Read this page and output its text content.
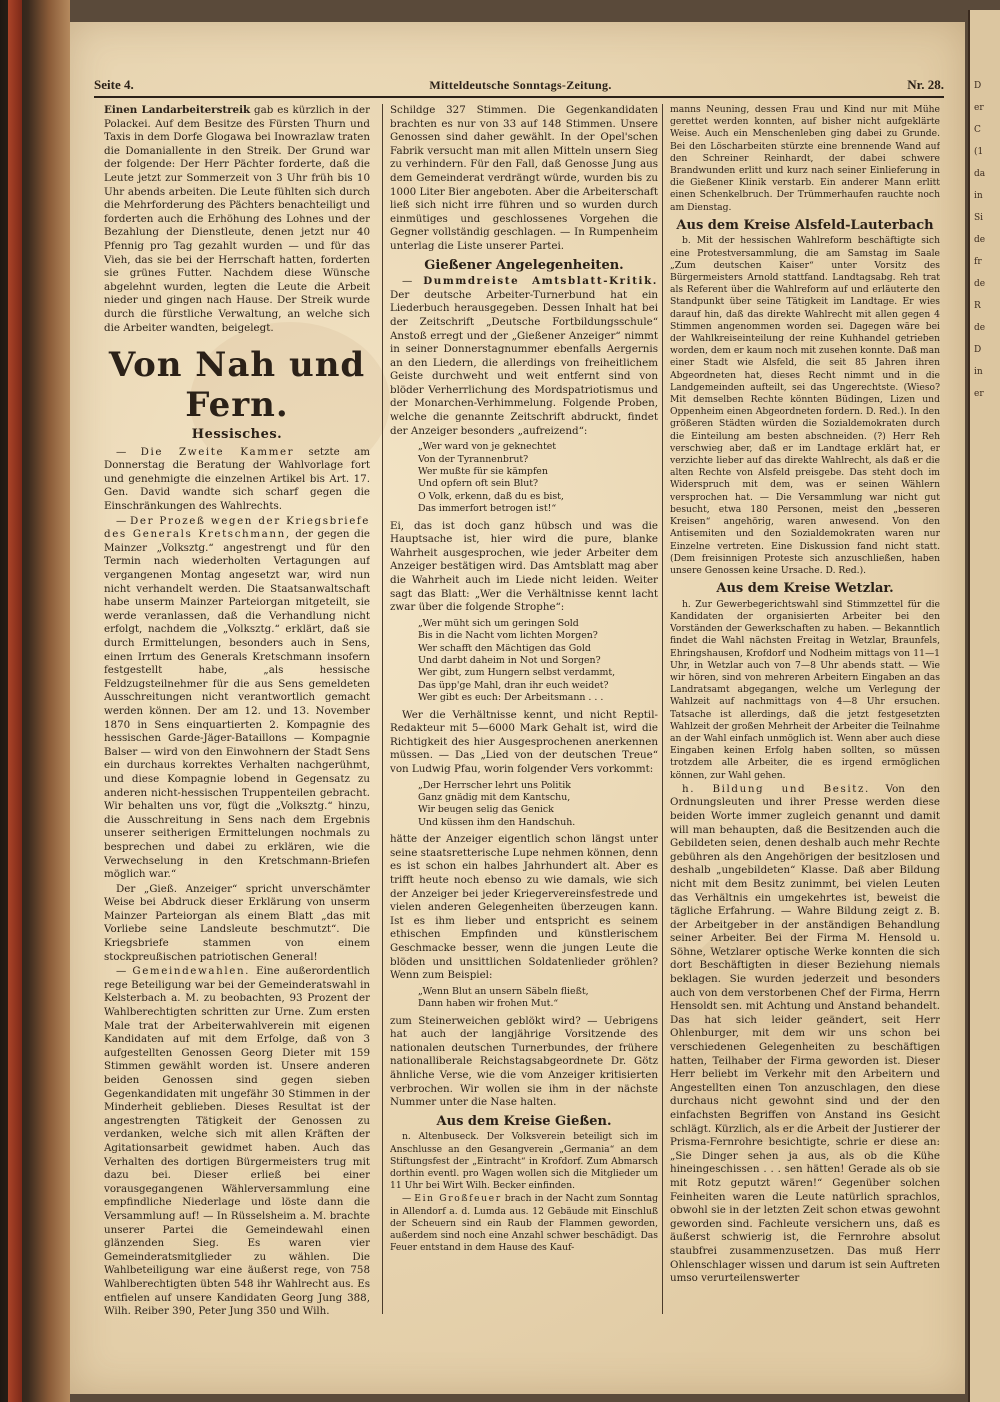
Seite 4.	Mitteldeutsche Sonntags-Zeitung.	Nr. 28.

Einen Landarbeiterstreik gab es kürzlich in der Polackei. Auf dem Besitze des Fürsten Thurn und Taxis in dem Dorfe Glogawa bei Inowrazlaw traten die Domaniallente in den Streik. Der Grund war der folgende: Der Herr Pächter forderte, daß die Leute jetzt zur Sommerzeit von 3 Uhr früh bis 10 Uhr abends arbeiten. Die Leute fühlten sich durch die Mehrforderung des Pächters benachteiligt und forderten auch die Erhöhung des Lohnes und der Bezahlung der Dienstleute, denen jetzt nur 40 Pfennig pro Tag gezahlt wurden — und für das Vieh, das sie bei der Herrschaft hatten, forderten sie grünes Futter. Nachdem diese Wünsche abgelehnt wurden, legten die Leute die Arbeit nieder und gingen nach Hause. Der Streik wurde durch die fürstliche Verwaltung, an welche sich die Arbeiter wandten, beigelegt.

Von Nah und Fern.
Hessisches.

— Die Zweite Kammer setzte am Donnerstag die Beratung der Wahlvorlage fort und genehmigte die einzelnen Artikel bis Art. 17. Gen. David wandte sich scharf gegen die Einschränkungen des Wahlrechts.

— Der Prozeß wegen der Kriegsbriefe des Generals Kretschmann, der gegen die Mainzer „Volksztg.“ angestrengt und für den Termin nach wiederholten Vertagungen auf vergangenen Montag angesetzt war, wird nun nicht verhandelt werden. Die Staatsanwaltschaft habe unserm Mainzer Parteiorgan mitgeteilt, sie werde veranlassen, daß die Verhandlung nicht erfolgt, nachdem die „Volksztg.“ erklärt, daß sie durch Ermittelungen, besonders auch in Sens, einen Irrtum des Generals Kretschmann insofern festgestellt habe, „als hessische Feldzugsteilnehmer für die aus Sens gemeldeten Ausschreitungen nicht verantwortlich gemacht werden können. Der am 12. und 13. November 1870 in Sens einquartierten 2. Kompagnie des hessischen Garde-Jäger-Bataillons — Kompagnie Balser — wird von den Einwohnern der Stadt Sens ein durchaus korrektes Verhalten nachgerühmt, und diese Kompagnie lobend in Gegensatz zu anderen nicht-hessischen Truppenteilen gebracht. Wir behalten uns vor, fügt die „Volksztg.“ hinzu, die Ausschreitung in Sens nach dem Ergebnis unserer seitherigen Ermittelungen nochmals zu besprechen und dabei zu erklären, wie die Verwechselung in den Kretschmann-Briefen möglich war.“

Der „Gieß. Anzeiger“ spricht unverschämter Weise bei Abdruck dieser Erklärung von unserm Mainzer Parteiorgan als einem Blatt „das mit Vorliebe seine Landsleute beschmutzt“. Die Kriegsbriefe stammen von einem stockpreußischen patriotischen General!

— Gemeindewahlen. Eine außerordentlich rege Beteiligung war bei der Gemeinderatswahl in Kelsterbach a. M. zu beobachten, 93 Prozent der Wahlberechtigten schritten zur Urne. Zum ersten Male trat der Arbeiterwahlverein mit eigenen Kandidaten auf mit dem Erfolge, daß von 3 aufgestellten Genossen Georg Dieter mit 159 Stimmen gewählt worden ist. Unsere anderen beiden Genossen sind gegen sieben Gegenkandidaten mit ungefähr 30 Stimmen in der Minderheit geblieben. Dieses Resultat ist der angestrengten Tätigkeit der Genossen zu verdanken, welche sich mit allen Kräften der Agitationsarbeit gewidmet haben. Auch das Verhalten des dortigen Bürgermeisters trug mit dazu bei. Dieser erließ bei einer vorausgegangenen Wählerversammlung eine empfindliche Niederlage und löste dann die Versammlung auf! — In Rüsselsheim a. M. brachte unserer Partei die Gemeindewahl einen glänzenden Sieg. Es waren vier Gemeinderatsmitglieder zu wählen. Die Wahlbeteiligung war eine äußerst rege, von 758 Wahlberechtigten übten 548 ihr Wahlrecht aus. Es entfielen auf unsere Kandidaten Georg Jung 388, Wilh. Reiber 390, Peter Jung 350 und Wilh.

Schildge 327 Stimmen. Die Gegenkandidaten brachten es nur von 33 auf 148 Stimmen. Unsere Genossen sind daher gewählt. In der Opel'schen Fabrik versucht man mit allen Mitteln unsern Sieg zu verhindern. Für den Fall, daß Genosse Jung aus dem Gemeinderat verdrängt würde, wurden bis zu 1000 Liter Bier angeboten. Aber die Arbeiterschaft ließ sich nicht irre führen und so wurden durch einmütiges und geschlossenes Vorgehen die Gegner vollständig geschlagen. — In Rumpenheim unterlag die Liste unserer Partei.

Gießener Angelegenheiten.

— Dummdreiste Amtsblatt-Kritik. Der deutsche Arbeiter-Turnerbund hat ein Liederbuch herausgegeben. Dessen Inhalt hat bei der Zeitschrift „Deutsche Fortbildungsschule“ Anstoß erregt und der „Gießener Anzeiger“ nimmt in seiner Donnerstagnummer ebenfalls Aergernis an den Liedern, die allerdings von freiheitlichem Geiste durchweht und weit entfernt sind von blöder Verherrlichung des Mordspatriotismus und der Monarchen-Verhimmelung. Folgende Proben, welche die genannte Zeitschrift abdruckt, findet der Anzeiger besonders „aufreizend“:

„Wer ward von je geknechtet
Von der Tyrannenbrut?
Wer mußte für sie kämpfen
Und opfern oft sein Blut?
O Volk, erkenn, daß du es bist,
Das immerfort betrogen ist!“

Ei, das ist doch ganz hübsch und was die Hauptsache ist, hier wird die pure, blanke Wahrheit ausgesprochen, wie jeder Arbeiter dem Anzeiger bestätigen wird. Das Amtsblatt mag aber die Wahrheit auch im Liede nicht leiden. Weiter sagt das Blatt: „Wer die Verhältnisse kennt lacht zwar über die folgende Strophe“:

„Wer müht sich um geringen Sold
Bis in die Nacht vom lichten Morgen?
Wer schafft den Mächtigen das Gold
Und darbt daheim in Not und Sorgen?
Wer gibt, zum Hungern selbst verdammt,
Das üpp'ge Mahl, dran ihr euch weidet?
Wer gibt es euch: Der Arbeitsmann . . .

Wer die Verhältnisse kennt, und nicht Reptil-Redakteur mit 5—6000 Mark Gehalt ist, wird die Richtigkeit des hier Ausgesprochenen anerkennen müssen. — Das „Lied von der deutschen Treue“ von Ludwig Pfau, worin folgender Vers vorkommt:

„Der Herrscher lehrt uns Politik
Ganz gnädig mit dem Kantschu,
Wir beugen selig das Genick
Und küssen ihm den Handschuh.

hätte der Anzeiger eigentlich schon längst unter seine staatsretterische Lupe nehmen können, denn es ist schon ein halbes Jahrhundert alt. Aber es trifft heute noch ebenso zu wie damals, wie sich der Anzeiger bei jeder Kriegervereinsfestrede und vielen anderen Gelegenheiten überzeugen kann. Ist es ihm lieber und entspricht es seinem ethischen Empfinden und künstlerischem Geschmacke besser, wenn die jungen Leute die blöden und unsittlichen Soldatenlieder gröhlen? Wenn zum Beispiel:

„Wenn Blut an unsern Säbeln fließt,
Dann haben wir frohen Mut.“

zum Steinerweichen geblökt wird? — Uebrigens hat auch der langjährige Vorsitzende des nationalen deutschen Turnerbundes, der frühere nationalliberale Reichstagsabgeordnete Dr. Götz ähnliche Verse, wie die vom Anzeiger kritisierten verbrochen. Wir wollen sie ihm in der nächste Nummer unter die Nase halten.

Aus dem Kreise Gießen.

n. Altenbuseck. Der Volksverein beteiligt sich im Anschlusse an den Gesangverein „Germania“ an dem Stiftungsfest der „Eintracht“ in Krofdorf. Zum Abmarsch dorthin eventl. pro Wagen wollen sich die Mitglieder um 11 Uhr bei Wirt Wilh. Becker einfinden.

— Ein Großfeuer brach in der Nacht zum Sonntag in Allendorf a. d. Lumda aus. 12 Gebäude mit Einschluß der Scheuern sind ein Raub der Flammen geworden, außerdem sind noch eine Anzahl schwer beschädigt. Das Feuer entstand in dem Hause des Kauf-

manns Neuning, dessen Frau und Kind nur mit Mühe gerettet werden konnten, auf bisher nicht aufgeklärte Weise. Auch ein Menschenleben ging dabei zu Grunde. Bei den Löscharbeiten stürzte eine brennende Wand auf den Schreiner Reinhardt, der dabei schwere Brandwunden erlitt und kurz nach seiner Einlieferung in die Gießener Klinik verstarb. Ein anderer Mann erlitt einen Schenkelbruch. Der Trümmerhaufen rauchte noch am Dienstag.

Aus dem Kreise Alsfeld-Lauterbach

b. Mit der hessischen Wahlreform beschäftigte sich eine Protestversammlung, die am Samstag im Saale „Zum deutschen Kaiser“ unter Vorsitz des Bürgermeisters Arnold stattfand. Landtagsabg. Reh trat als Referent über die Wahlreform auf und erläuterte den Standpunkt über seine Tätigkeit im Landtage. Er wies darauf hin, daß das direkte Wahlrecht mit allen gegen 4 Stimmen angenommen worden sei. Dagegen wäre bei der Wahlkreiseinteilung der reine Kuhhandel getrieben worden, dem er kaum noch mit zusehen konnte. Daß man einer Stadt wie Alsfeld, die seit 85 Jahren ihren Abgeordneten hat, dieses Recht nimmt und in die Landgemeinden aufteilt, sei das Ungerechtste. (Wieso? Mit demselben Rechte könnten Büdingen, Lizen und Oppenheim einen Abgeordneten fordern. D. Red.). In den größeren Städten würden die Sozialdemokraten durch die Einteilung am besten abschneiden. (?) Herr Reh verschwieg aber, daß er im Landtage erklärt hat, er verzichte lieber auf das direkte Wahlrecht, als daß er die alten Rechte von Alsfeld preisgebe. Das steht doch im Widerspruch mit dem, was er seinen Wählern versprochen hat. — Die Versammlung war nicht gut besucht, etwa 180 Personen, meist den „besseren Kreisen“ angehörig, waren anwesend. Von den Antisemiten und den Sozialdemokraten waren nur Einzelne vertreten. Eine Diskussion fand nicht statt. (Dem freisinnigen Proteste sich anzuschließen, haben unsere Genossen keine Ursache. D. Red.).

Aus dem Kreise Wetzlar.

h. Zur Gewerbegerichtswahl sind Stimmzettel für die Kandidaten der organisierten Arbeiter bei den Vorständen der Gewerkschaften zu haben. — Bekanntlich findet die Wahl nächsten Freitag in Wetzlar, Braunfels, Ehringshausen, Krofdorf und Nodheim mittags von 11—1 Uhr, in Wetzlar auch von 7—8 Uhr abends statt. — Wie wir hören, sind von mehreren Arbeitern Eingaben an das Landratsamt abgegangen, welche um Verlegung der Wahlzeit auf nachmittags von 4—8 Uhr ersuchen. Tatsache ist allerdings, daß die jetzt festgesetzten Wahlzeit der großen Mehrheit der Arbeiter die Teilnahme an der Wahl einfach unmöglich ist. Wenn aber auch diese Eingaben keinen Erfolg haben sollten, so müssen trotzdem alle Arbeiter, die es irgend ermöglichen können, zur Wahl gehen.

h. Bildung und Besitz. Von den Ordnungsleuten und ihrer Presse werden diese beiden Worte immer zugleich genannt und damit will man behaupten, daß die Besitzenden auch die Gebildeten seien, denen deshalb auch mehr Rechte gebühren als den Angehörigen der besitzlosen und deshalb „ungebildeten“ Klasse. Daß aber Bildung nicht mit dem Besitz zunimmt, bei vielen Leuten das Verhältnis ein umgekehrtes ist, beweist die tägliche Erfahrung. — Wahre Bildung zeigt z. B. der Arbeitgeber in der anständigen Behandlung seiner Arbeiter. Bei der Firma M. Hensold u. Söhne, Wetzlarer optische Werke konnten die sich dort Beschäftigten in dieser Beziehung niemals beklagen. Sie wurden jederzeit und besonders auch von dem verstorbenen Chef der Firma, Herrn Hensoldt sen. mit Achtung und Anstand behandelt. Das hat sich leider geändert, seit Herr Ohlenburger, mit dem wir uns schon bei verschiedenen Gelegenheiten zu beschäftigen hatten, Teilhaber der Firma geworden ist. Dieser Herr beliebt im Verkehr mit den Arbeitern und Angestellten einen Ton anzuschlagen, den diese durchaus nicht gewohnt sind und der den einfachsten Begriffen von Anstand ins Gesicht schlägt. Kürzlich, als er die Arbeit der Justierer der Prisma-Fernrohre besichtigte, schrie er diese an: „Sie Dinger sehen ja aus, als ob die Kühe hineingeschissen . . . sen hätten! Gerade als ob sie mit Rotz geputzt wären!“ Gegenüber solchen Feinheiten waren die Leute natürlich sprachlos, obwohl sie in der letzten Zeit schon etwas gewohnt geworden sind. Fachleute versichern uns, daß es äußerst schwierig ist, die Fernrohre absolut staubfrei zusammenzusetzen. Das muß Herr Ohlenschlager wissen und darum ist sein Auftreten umso verurteilenswerter

D
er
C
(1
da
in
Si
de
fr
de
R
de
D
in
er
